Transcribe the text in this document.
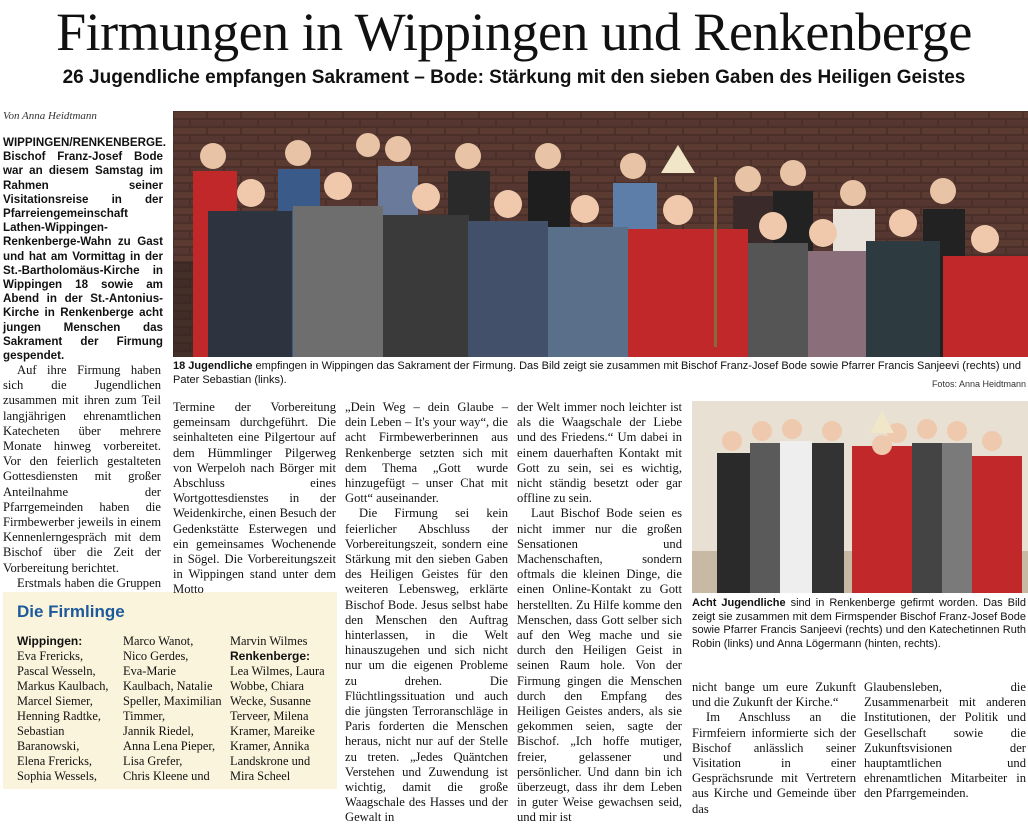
Firmungen in Wippingen und Renkenberge
26 Jugendliche empfangen Sakrament – Bode: Stärkung mit den sieben Gaben des Heiligen Geistes
Von Anna Heidtmann
WIPPINGEN/RENKENBERGE. Bischof Franz-Josef Bode war an diesem Samstag im Rahmen seiner Visitationsreise in der Pfarreiengemeinschaft Lathen-Wippingen-Renkenberge-Wahn zu Gast und hat am Vormittag in der St.-Bartholomäus-Kirche in Wippingen 18 sowie am Abend in der St.-Antonius-Kirche in Renkenberge acht jungen Menschen das Sakrament der Firmung gespendet.
18 Jugendliche empfingen in Wippingen das Sakrament der Firmung. Das Bild zeigt sie zusammen mit Bischof Franz-Josef Bode sowie Pfarrer Francis Sanjeevi (rechts) und Pater Sebastian (links).	Fotos: Anna Heidtmann

Auf ihre Firmung haben sich die Jugendlichen zusammen mit ihren zum Teil langjährigen ehrenamtlichen Katecheten über mehrere Monate hinweg vorbereitet. Vor den feierlich gestalteten Gottesdiensten mit großer Anteilnahme der Pfarrgemeinden haben die Firmbewerber jeweils in einem Kennenlerngespräch mit dem Bischof über die Zeit der Vorbereitung berichtet.

Erstmals haben die Gruppen

Die Firmlinge
Wippingen:
Eva Frericks, Pascal Wesseln,
Markus Kaulbach, Marcel Siemer, Henning Radtke, Sebastian Baranowski,
Elena Frericks,
Sophia Wessels,
Marco Wanot,
Nico Gerdes,
Eva-Marie Kaulbach, Natalie Speller, Maximilian Timmer,
Jannik Riedel,
Anna Lena Pieper, Lisa Grefer,
Chris Kleene und
Marvin Wilmes
Renkenberge:
Lea Wilmes, Laura Wobbe, Chiara Wecke, Susanne Terveer, Milena Kramer, Mareike Kramer, Annika Landskrone und
Mira Scheel

Termine der Vorbereitung gemeinsam durchgeführt. Die seinhalteten eine Pilgertour auf dem Hümmlinger Pilgerweg von Werpeloh nach Börger mit Abschluss eines Wortgottesdienstes in der Weidenkirche, einen Besuch der Gedenkstätte Esterwegen und ein gemeinsames Wochenende in Sögel. Die Vorbereitungszeit in Wippingen stand unter dem Motto

„Dein Weg – dein Glaube – dein Leben – It's your way“, die acht Firmbewerberinnen aus Renkenberge setzten sich mit dem Thema „Gott wurde hinzugefügt – unser Chat mit Gott“ auseinander.

Die Firmung sei kein feierlicher Abschluss der Vorbereitungszeit, sondern eine Stärkung mit den sieben Gaben des Heiligen Geistes für den weiteren Lebensweg, erklärte Bischof Bode. Jesus selbst habe den Menschen den Auftrag hinterlassen, in die Welt hinauszugehen und sich nicht nur um die eigenen Probleme zu drehen. Die Flüchtlingssituation und auch die jüngsten Terroranschläge in Paris forderten die Menschen heraus, nicht nur auf der Stelle zu treten. „Jedes Quäntchen Verstehen und Zuwendung ist wichtig, damit die große Waagschale des Hasses und der Gewalt in

der Welt immer noch leichter ist als die Waagschale der Liebe und des Friedens.“ Um dabei in einem dauerhaften Kontakt mit Gott zu sein, sei es wichtig, nicht ständig besetzt oder gar offline zu sein.

Laut Bischof Bode seien es nicht immer nur die großen Sensationen und Machenschaften, sondern oftmals die kleinen Dinge, die einen Online-Kontakt zu Gott herstellten. Zu Hilfe komme den Menschen, dass Gott selber sich auf den Weg mache und sie durch den Heiligen Geist in seinen Raum hole. Von der Firmung gingen die Menschen durch den Empfang des Heiligen Geistes anders, als sie gekommen seien, sagte der Bischof. „Ich hoffe mutiger, freier, gelassener und persönlicher. Und dann bin ich überzeugt, dass ihr dem Leben in guter Weise gewachsen seid, und mir ist

Acht Jugendliche sind in Renkenberge gefirmt worden. Das Bild zeigt sie zusammen mit dem Firmspender Bischof Franz-Josef Bode sowie Pfarrer Francis Sanjeevi (rechts) und den Katechetinnen Ruth Robin (links) und Anna Lögermann (hinten, rechts).

nicht bange um eure Zukunft und die Zukunft der Kirche.“

Im Anschluss an die Firmfeiern informierte sich der Bischof anlässlich seiner Visitation in einer Gesprächsrunde mit Vertretern aus Kirche und Gemeinde über das

Glaubensleben, die Zusammenarbeit mit anderen Institutionen, der Politik und Gesellschaft sowie die Zukunftsvisionen der hauptamtlichen und ehrenamtlichen Mitarbeiter in den Pfarrgemeinden.
